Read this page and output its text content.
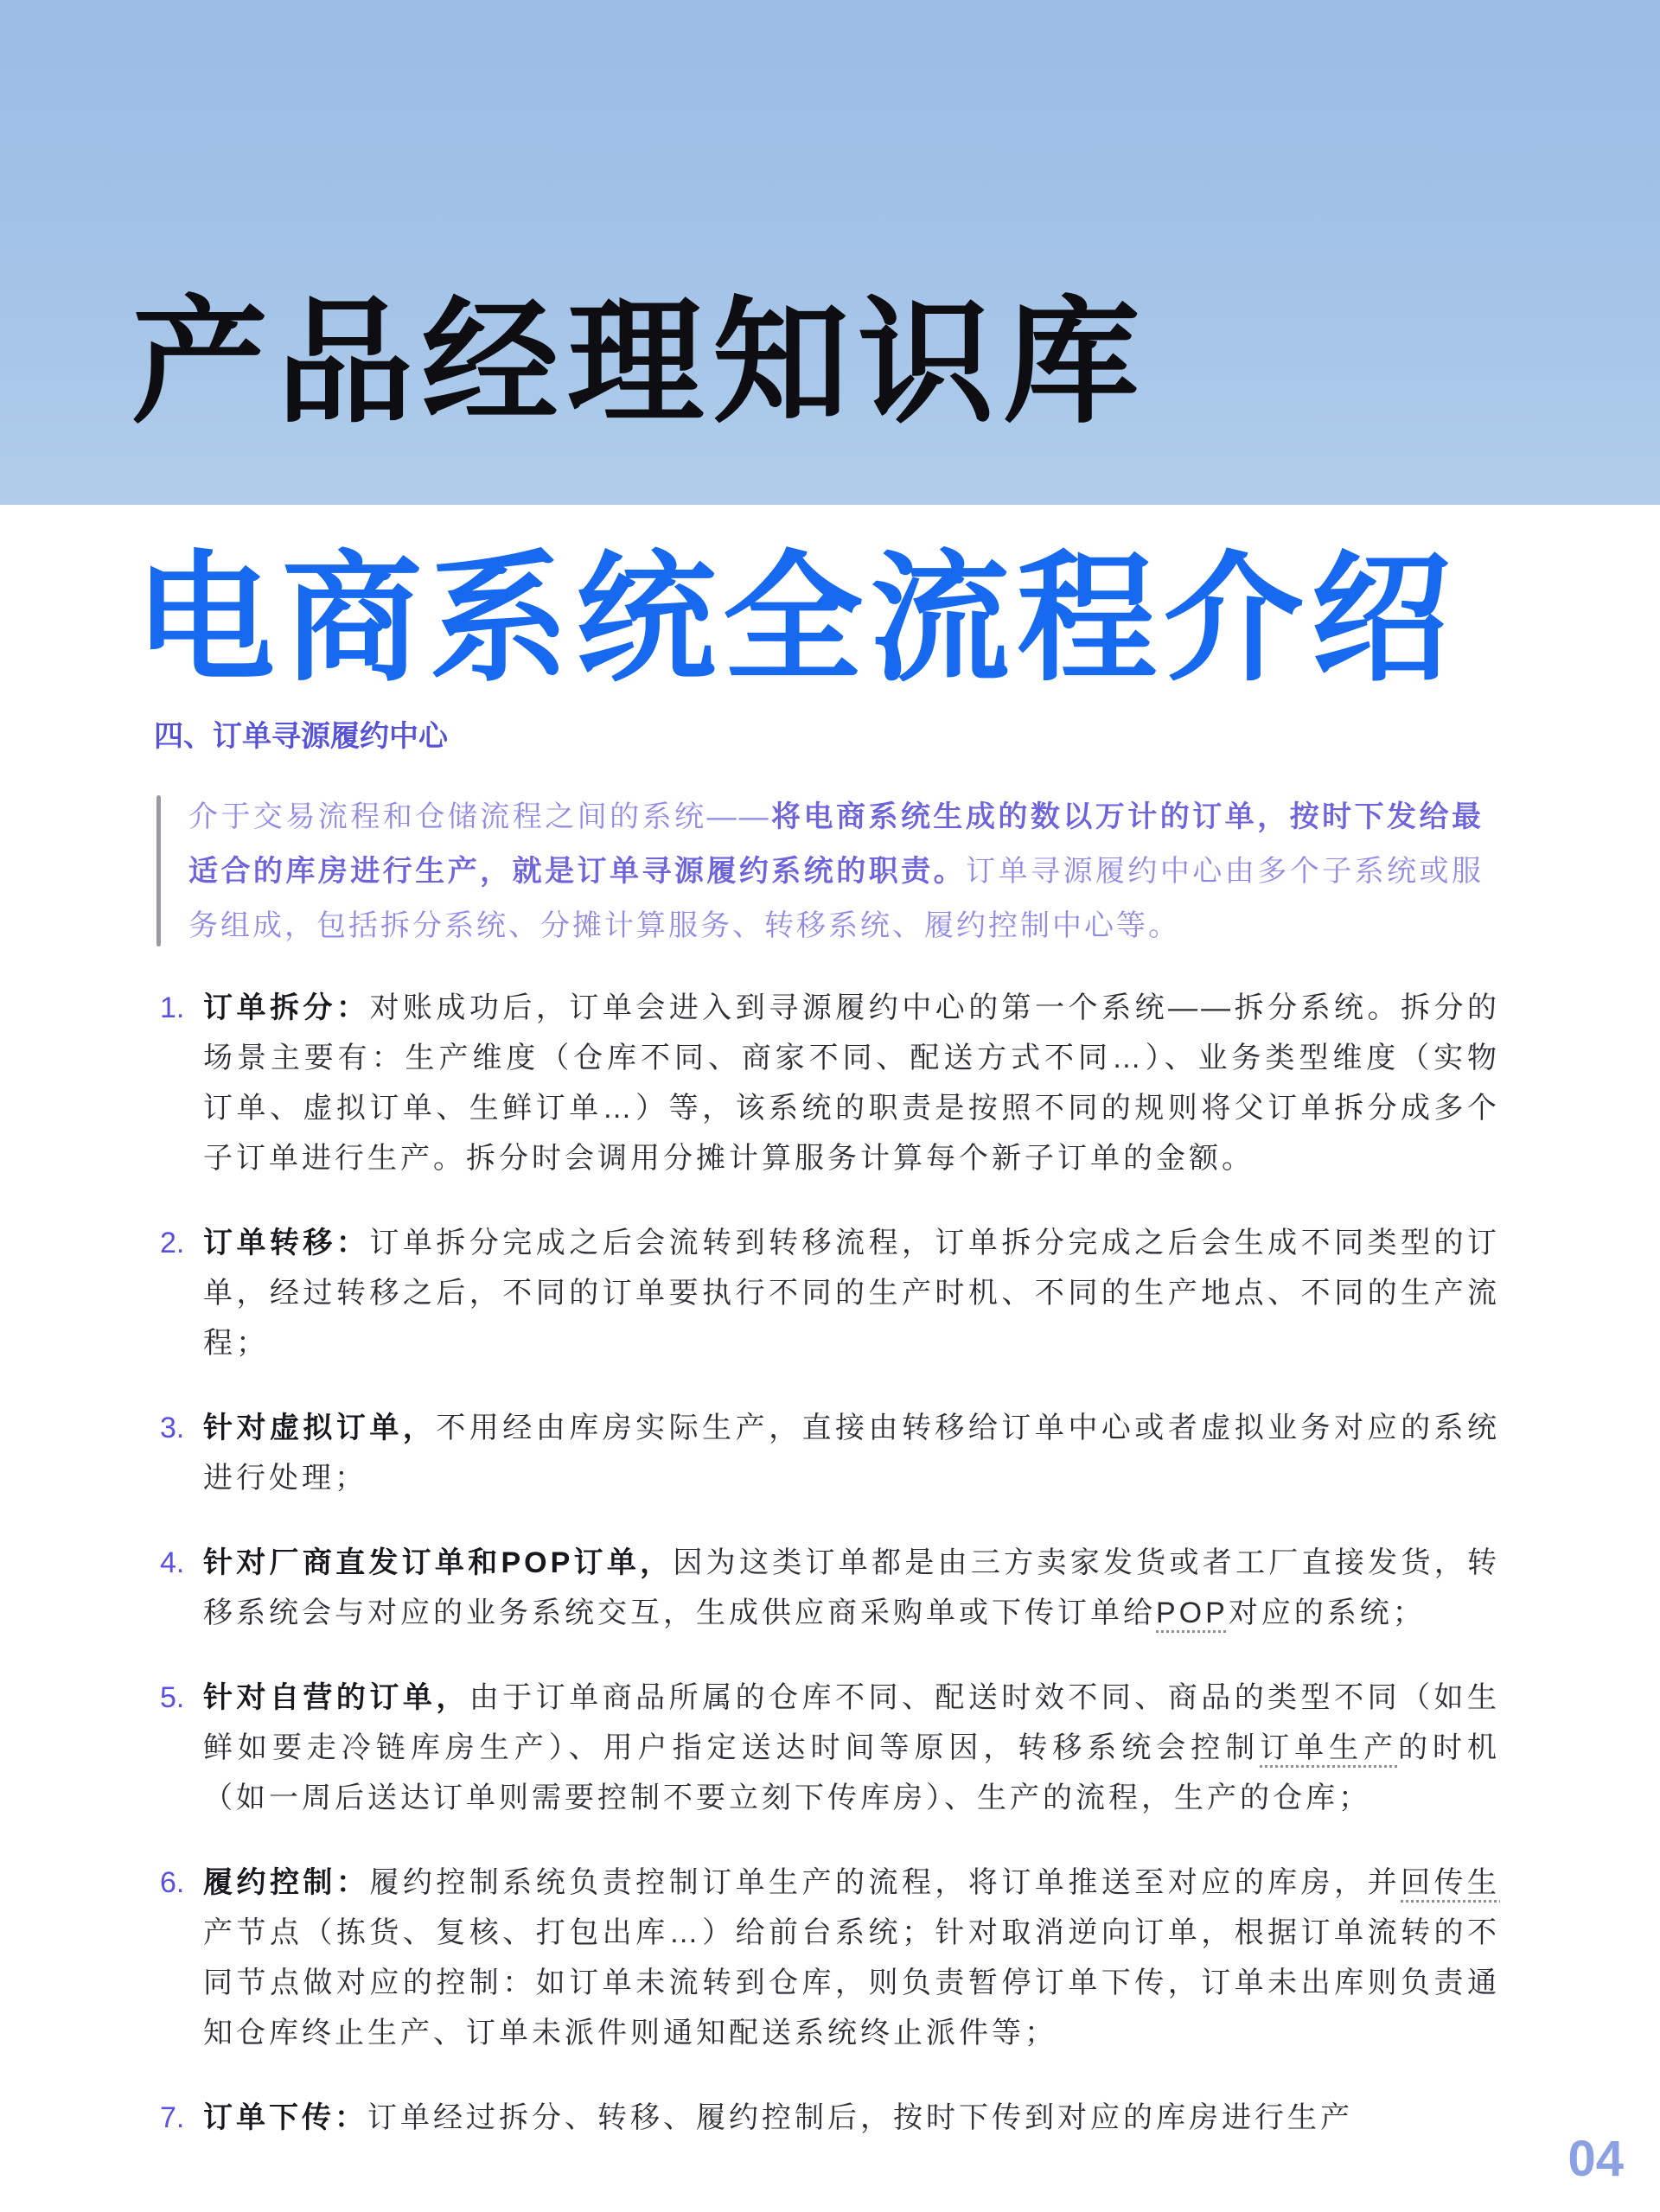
产品经理知识库
电商系统全流程介绍
四、订单寻源履约中心

介于交易流程和仓储流程之间的系统——将电商系统生成的数以万计的订单，按时下发给最适合的库房进行生产，就是订单寻源履约系统的职责。订单寻源履约中心由多个子系统或服务组成，包括拆分系统、分摊计算服务、转移系统、履约控制中心等。

1. 订单拆分：对账成功后，订单会进入到寻源履约中心的第一个系统——拆分系统。拆分的场景主要有：生产维度（仓库不同、商家不同、配送方式不同…）、业务类型维度（实物订单、虚拟订单、生鲜订单…）等，该系统的职责是按照不同的规则将父订单拆分成多个子订单进行生产。拆分时会调用分摊计算服务计算每个新子订单的金额。
2. 订单转移：订单拆分完成之后会流转到转移流程，订单拆分完成之后会生成不同类型的订单，经过转移之后，不同的订单要执行不同的生产时机、不同的生产地点、不同的生产流程；
3. 针对虚拟订单，不用经由库房实际生产，直接由转移给订单中心或者虚拟业务对应的系统进行处理；
4. 针对厂商直发订单和POP订单，因为这类订单都是由三方卖家发货或者工厂直接发货，转移系统会与对应的业务系统交互，生成供应商采购单或下传订单给POP对应的系统；
5. 针对自营的订单，由于订单商品所属的仓库不同、配送时效不同、商品的类型不同（如生鲜如要走冷链库房生产）、用户指定送达时间等原因，转移系统会控制订单生产的时机（如一周后送达订单则需要控制不要立刻下传库房）、生产的流程，生产的仓库；
6. 履约控制：履约控制系统负责控制订单生产的流程，将订单推送至对应的库房，并回传生产节点（拣货、复核、打包出库…）给前台系统；针对取消逆向订单，根据订单流转的不同节点做对应的控制：如订单未流转到仓库，则负责暂停订单下传，订单未出库则负责通知仓库终止生产、订单未派件则通知配送系统终止派件等；
7. 订单下传：订单经过拆分、转移、履约控制后，按时下传到对应的库房进行生产
04
